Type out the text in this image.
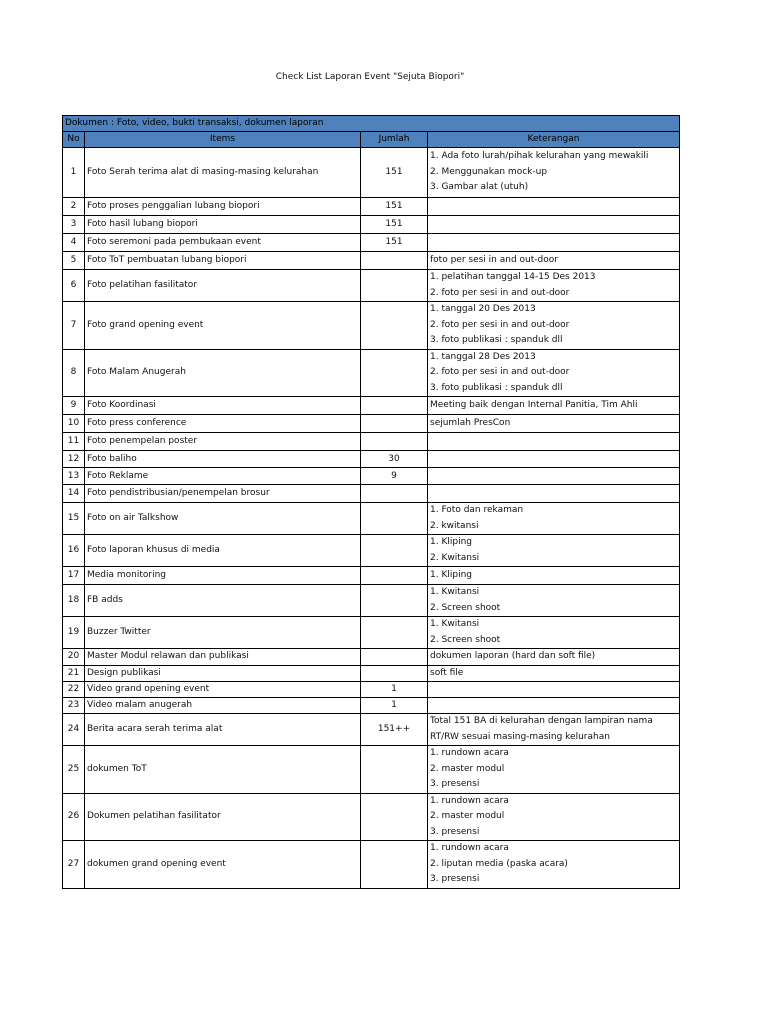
Check List Laporan Event "Sejuta Biopori"
Dokumen : Foto, video, bukti transaksi, dokumen laporan			
No	Items	Jumlah	Keterangan
1	Foto Serah terima alat di masing-masing kelurahan	151	1. Ada foto lurah/pihak kelurahan yang mewakili
2. Menggunakan mock-up
3. Gambar alat (utuh)

2	Foto proses penggalian lubang biopori	151	
3	Foto hasil lubang biopori	151	
4	Foto seremoni pada pembukaan event	151	
5	Foto ToT pembuatan lubang biopori		foto per sesi in and out-door

6	Foto pelatihan fasilitator		1. pelatihan tanggal 14-15 Des 2013
2. foto per sesi in and out-door

7	Foto grand opening event		1. tanggal 20 Des 2013
2. foto per sesi in and out-door
3. foto publikasi : spanduk dll

8	Foto Malam Anugerah		1. tanggal 28 Des 2013
2. foto per sesi in and out-door
3. foto publikasi : spanduk dll

9	Foto Koordinasi		Meeting baik dengan Internal Panitia, Tim Ahli

10	Foto press conference		sejumlah PresCon

11	Foto penempelan poster		
12	Foto baliho	30	
13	Foto Reklame	9	
14	Foto pendistribusian/penempelan brosur		
15	Foto on air Talkshow		1. Foto dan rekaman
2. kwitansi

16	Foto laporan khusus di media		1. Kliping
2. Kwitansi

17	Media monitoring		1. Kliping

18	FB adds		1. Kwitansi
2. Screen shoot

19	Buzzer Twitter		1. Kwitansi
2. Screen shoot

20	Master Modul relawan dan publikasi		dokumen laporan (hard dan soft file)

21	Design publikasi		soft file

22	Video grand opening event	1	
23	Video malam anugerah	1	
24	Berita acara serah terima alat	151++	Total 151 BA di kelurahan dengan lampiran nama
RT/RW sesuai masing-masing kelurahan

25	dokumen ToT		1. rundown acara
2. master modul
3. presensi

26	Dokumen pelatihan fasilitator		1. rundown acara
2. master modul
3. presensi

27	dokumen grand opening event		1. rundown acara
2. liputan media (paska acara)
3. presensi
